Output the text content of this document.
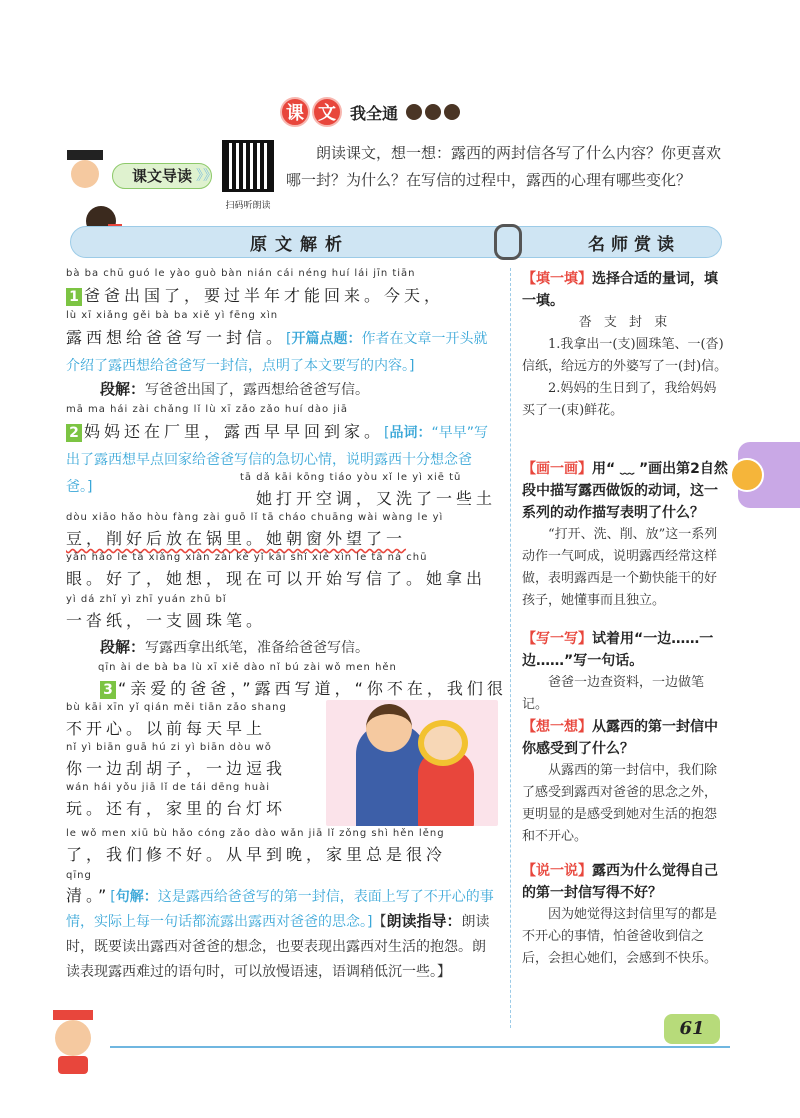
课 文 我全通
课文导读 》》
扫码听朗读
朗读课文，想一想：露西的两封信各写了什么内容？你更喜欢哪一封？为什么？在写信的过程中，露西的心理有哪些变化？
原文解析	名师赏读
bà ba chū guó le yào guò bàn nián cái néng huí lái jīn tiān
1 爸爸出国了，要过半年才能回来。今天，
lù xī xiǎng gěi bà ba xiě yì fēng xìn
露西想给爸爸写一封信。[开篇点题：作者在文章一开头就介绍了露西想给爸爸写一封信，点明了本文要写的内容。]
段解：写爸爸出国了，露西想给爸爸写信。
mā ma hái zài chǎng lǐ lù xī zǎo zǎo huí dào jiā
2 妈妈还在厂里，露西早早回到家。[品词：“早早”写出了露西想早点回家给爸爸写信的急切心情，说明露西十分想念爸爸。]
tā dǎ kāi kōng tiáo yòu xǐ le yì xiē tǔ
她打开空调，又洗了一些土
dòu xiāo hǎo hòu fàng zài guō lǐ tā cháo chuāng wài wàng le yì
豆，削好后放在锅里。她朝窗外望了一
yǎn hǎo le tā xiǎng xiàn zài kě yǐ kāi shǐ xiě xìn le tā ná chū
眼。好了，她想，现在可以开始写信了。她拿出
yì dá zhǐ yì zhī yuán zhū bǐ
一沓纸，一支圆珠笔。
段解：写露西拿出纸笔，准备给爸爸写信。
qīn ài de bà ba lù xī xiě dào nǐ bú zài wǒ men hěn
3 “亲爱的爸爸，”露西写道，“你不在，我们很
bù kāi xīn yǐ qián měi tiān zǎo shang
不开心。以前每天早上
nǐ yì biān guā hú zi yì biān dòu wǒ
你一边刮胡子，一边逗我
wán hái yǒu jiā lǐ de tái dēng huài
玩。还有，家里的台灯坏
le wǒ men xiū bù hǎo cóng zǎo dào wǎn jiā lǐ zǒng shì hěn lěng
了，我们修不好。从早到晚，家里总是很冷
qīng
清。”[句解：这是露西给爸爸写的第一封信，表面上写了不开心的事情，实际上每一句话都流露出露西对爸爸的思念。]【朗读指导：朗读时，既要读出露西对爸爸的想念，也要表现出露西对生活的抱怨。朗读表现露西难过的语句时，可以放慢语速，语调稍低沉一些。】
【填一填】选择合适的量词，填一填。
沓 支 封 束
1.我拿出一(支)圆珠笔、一(沓)信纸，给远方的外婆写了一(封)信。
2.妈妈的生日到了，我给妈妈买了一(束)鲜花。
【画一画】用“ ﹏ ”画出第2自然段中描写露西做饭的动词，这一系列的动作描写表明了什么？
“打开、洗、削、放”这一系列动作一气呵成，说明露西经常这样做，表明露西是一个勤快能干的好孩子，她懂事而且独立。
【写一写】试着用“一边……一边……”写一句话。
爸爸一边查资料，一边做笔记。
【想一想】从露西的第一封信中你感受到了什么？
从露西的第一封信中，我们除了感受到露西对爸爸的思念之外，更明显的是感受到她对生活的抱怨和不开心。
【说一说】露西为什么觉得自己的第一封信写得不好？
因为她觉得这封信里写的都是不开心的事情，怕爸爸收到信之后，会担心她们，会感到不快乐。
61
